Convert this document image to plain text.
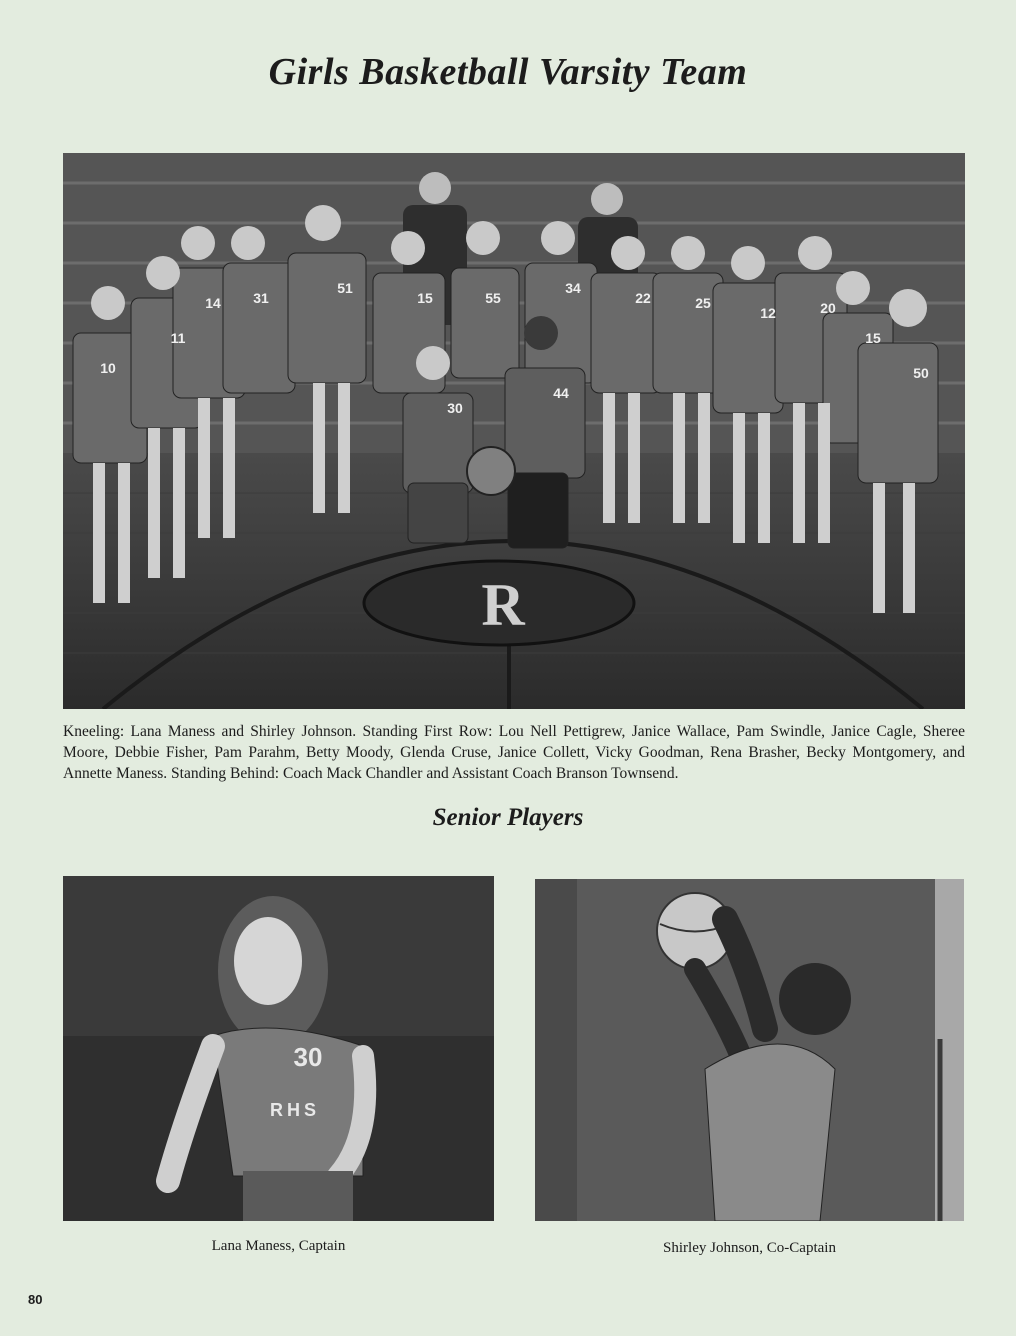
Girls Basketball Varsity Team
10
11
14 31
51
15	55
34
22	25
12	20
15
50
30
44
R

Kneeling: Lana Maness and Shirley Johnson. Standing First Row: Lou Nell Pettigrew, Janice Wallace, Pam Swindle, Janice Cagle, Sheree Moore, Debbie Fisher, Pam Parahm, Betty Moody, Glenda Cruse, Janice Collett, Vicky Goodman, Rena Brasher, Becky Montgomery, and Annette Maness. Standing Behind: Coach Mack Chandler and Assistant Coach Branson Townsend.

Senior Players
30
RHS

Lana Maness, Captain	Shirley Johnson, Co-Captain

80
